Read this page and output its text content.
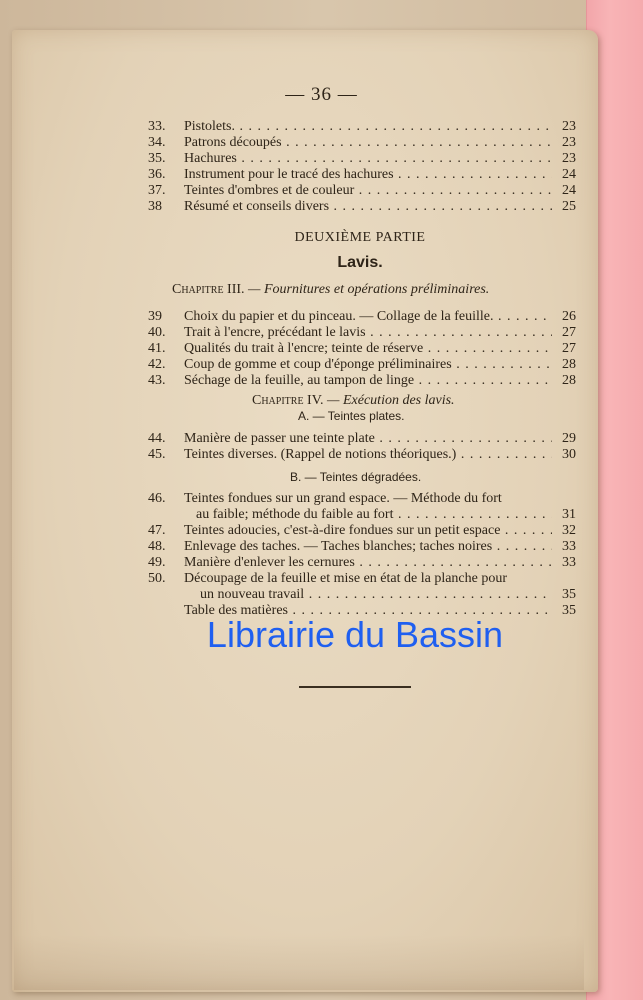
— 36 —
33.	Pistolets. . . .	23
34.	Patrons découpés . . .	23
35.	Hachures . . .	23
36.	Instrument pour le tracé des hachures . . .	24
37.	Teintes d'ombres et de couleur . . .	24
38	Résumé et conseils divers . . .	25
DEUXIÈME PARTIE
Lavis.
Chapitre III. — Fournitures et opérations préliminaires.
39	Choix du papier et du pinceau. — Collage de la feuille. . . .	26
40.	Trait à l'encre, précédant le lavis . . .	27
41.	Qualités du trait à l'encre; teinte de réserve . . .	27
42.	Coup de gomme et coup d'éponge préliminaires . . .	28
43.	Séchage de la feuille, au tampon de linge . . .	28
Chapitre IV. — Exécution des lavis.
A. — Teintes plates.
44.	Manière de passer une teinte plate . . .	29
45.	Teintes diverses. (Rappel de notions théoriques.) . . .	30
B. — Teintes dégradées.
46.	Teintes fondues sur un grand espace. — Méthode du fort
au faible; méthode du faible au fort . . .	31
47.	Teintes adoucies, c'est-à-dire fondues sur un petit espace . . .	32
48.	Enlevage des taches. — Taches blanches; taches noires . . .	33
49.	Manière d'enlever les cernures . . .	33
50.	Découpage de la feuille et mise en état de la planche pour
un nouveau travail . . .	35
Table des matières . . .	35
Librairie du Bassin
